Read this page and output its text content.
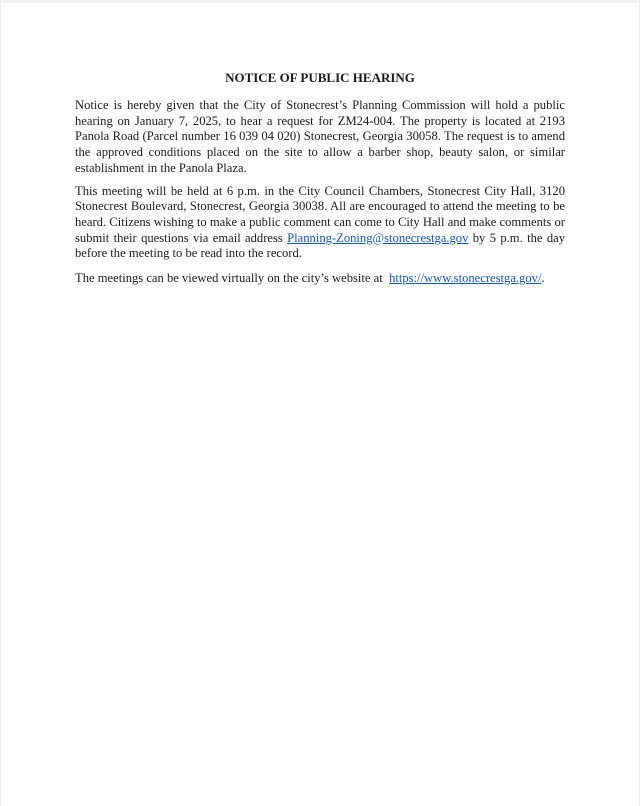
NOTICE OF PUBLIC HEARING

Notice is hereby given that the City of Stonecrest’s Planning Commission will hold a public hearing on January 7, 2025, to hear a request for ZM24-004. The property is located at 2193 Panola Road (Parcel number 16 039 04 020) Stonecrest, Georgia 30058. The request is to amend the approved conditions placed on the site to allow a barber shop, beauty salon, or similar establishment in the Panola Plaza.

This meeting will be held at 6 p.m. in the City Council Chambers, Stonecrest City Hall, 3120 Stonecrest Boulevard, Stonecrest, Georgia 30038. All are encouraged to attend the meeting to be heard. Citizens wishing to make a public comment can come to City Hall and make comments or submit their questions via email address Planning-Zoning@stonecrestga.gov by 5 p.m. the day before the meeting to be read into the record.

The meetings can be viewed virtually on the city’s website at  https://www.stonecrestga.gov/.
